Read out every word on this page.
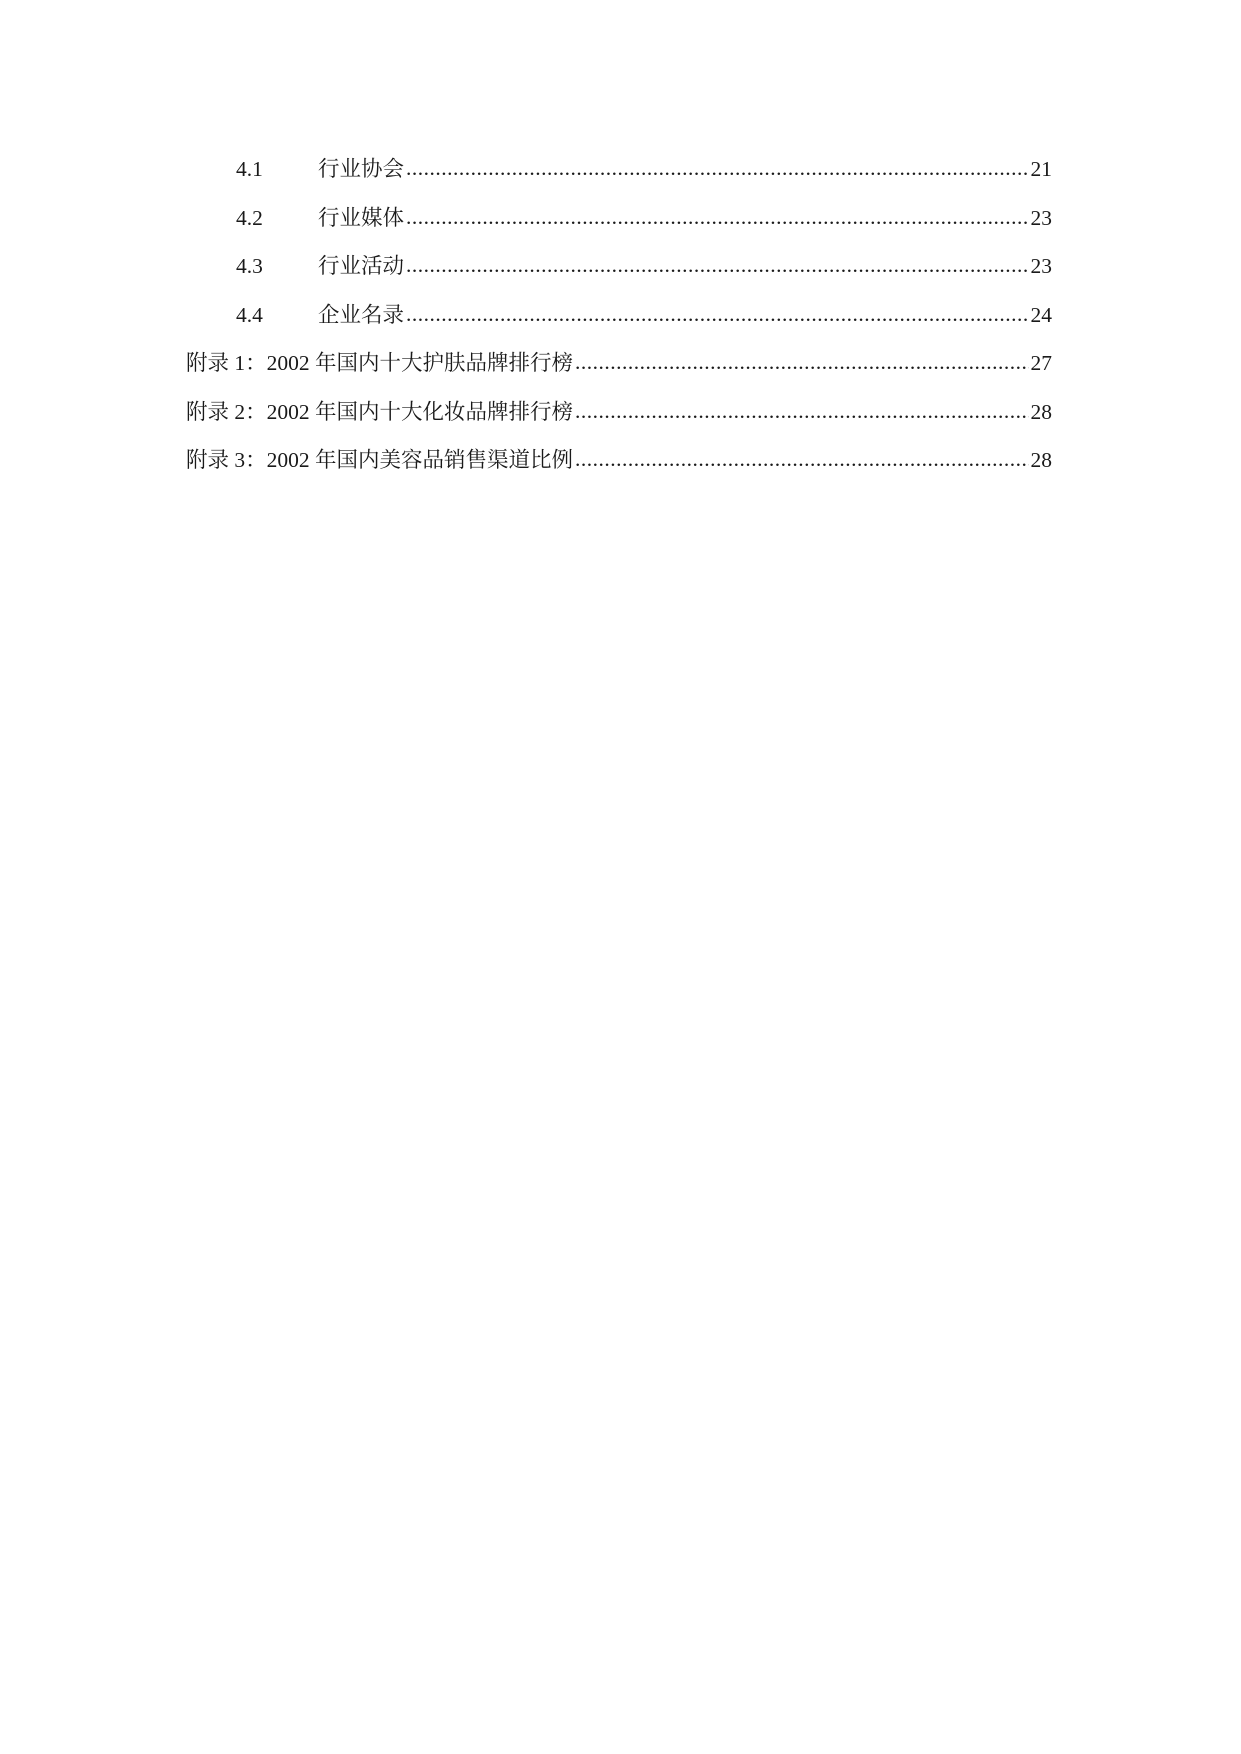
4.1	行业协会 .....	21
4.2	行业媒体 .....	23
4.3	行业活动 .....	23
4.4	企业名录 .....	24
附录 1：2002 年国内十大护肤品牌排行榜 .....	27
附录 2：2002 年国内十大化妆品牌排行榜 .....	28
附录 3：2002 年国内美容品销售渠道比例 .....	28
